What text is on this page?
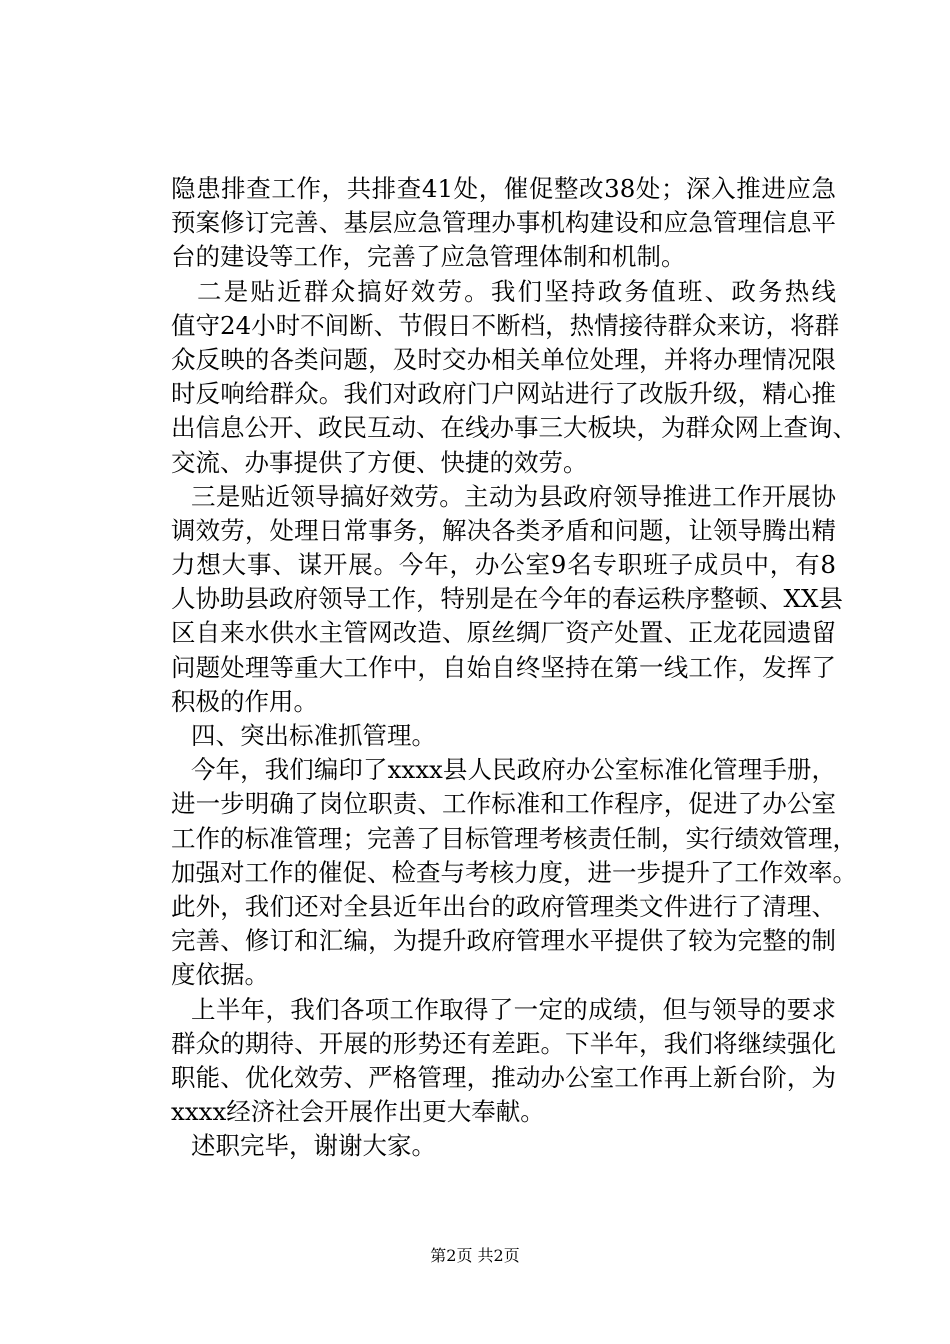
隐患排查工作，共排查41处，催促整改38处；深入推进应急
预案修订完善、基层应急管理办事机构建设和应急管理信息平
台的建设等工作，完善了应急管理体制和机制。
二是贴近群众搞好效劳。我们坚持政务值班、政务热线
值守24小时不间断、节假日不断档，热情接待群众来访，将群
众反映的各类问题，及时交办相关单位处理，并将办理情况限
时反响给群众。我们对政府门户网站进行了改版升级，精心推
出信息公开、政民互动、在线办事三大板块，为群众网上查询、
交流、办事提供了方便、快捷的效劳。
三是贴近领导搞好效劳。主动为县政府领导推进工作开展协
调效劳，处理日常事务，解决各类矛盾和问题，让领导腾出精
力想大事、谋开展。今年，办公室9名专职班子成员中，有8
人协助县政府领导工作，特别是在今年的春运秩序整顿、XX县
区自来水供水主管网改造、原丝绸厂资产处置、正龙花园遗留
问题处理等重大工作中，自始自终坚持在第一线工作，发挥了
积极的作用。
四、突出标准抓管理。
今年，我们编印了xxxx县人民政府办公室标准化管理手册，
进一步明确了岗位职责、工作标准和工作程序，促进了办公室
工作的标准管理；完善了目标管理考核责任制，实行绩效管理，
加强对工作的催促、检查与考核力度，进一步提升了工作效率。
此外，我们还对全县近年出台的政府管理类文件进行了清理、
完善、修订和汇编，为提升政府管理水平提供了较为完整的制
度依据。
上半年，我们各项工作取得了一定的成绩，但与领导的要求
群众的期待、开展的形势还有差距。下半年，我们将继续强化
职能、优化效劳、严格管理，推动办公室工作再上新台阶，为
xxxx经济社会开展作出更大奉献。
述职完毕，谢谢大家。
第2页 共2页
